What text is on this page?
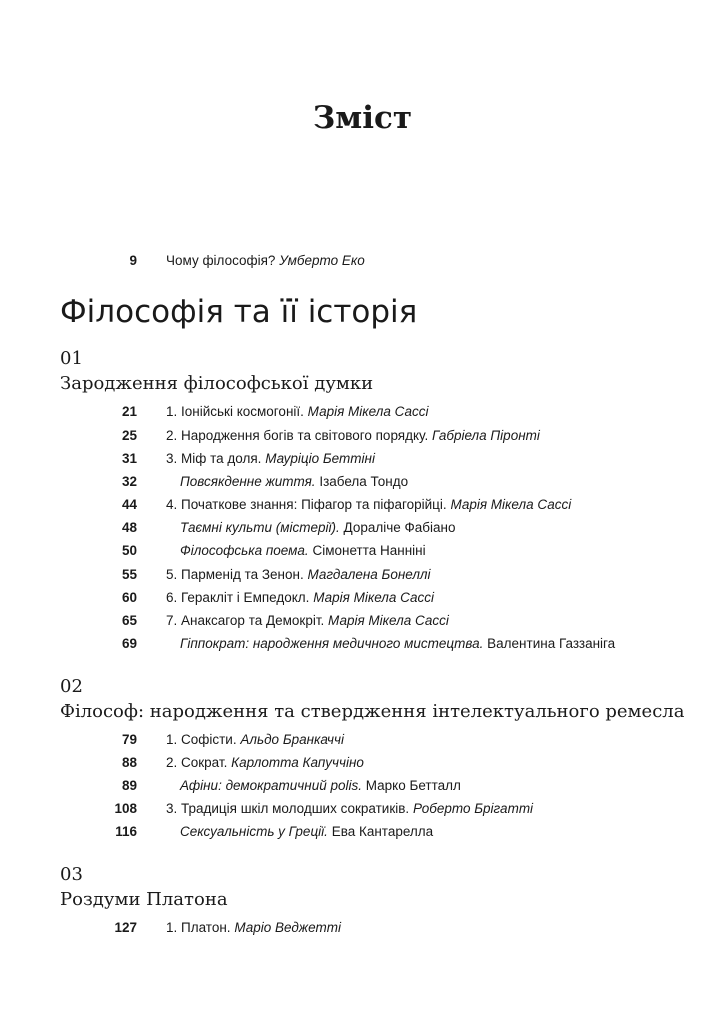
Зміст
9 Чому філософія? Умберто Еко
Філософія та її історія
01
Зародження філософської думки
21 1. Іонійські космогонії. Марія Мікела Сассі
25 2. Народження богів та світового порядку. Габріела Піронті
31 3. Міф та доля. Мауріціо Беттіні
32	Повсякденне життя. Ізабела Тондо
44 4. Початкове знання: Піфагор та піфагорійці. Марія Мікела Сассі
48	Таємні культи (містерії). Дораліче Фабіано
50	Філософська поема. Сімонетта Нанніні
55 5. Парменід та Зенон. Магдалена Бонеллі
60 6. Геракліт і Емпедокл. Марія Мікела Сассі
65 7. Анаксагор та Демокріт. Марія Мікела Сассі
69	Гіппократ: народження медичного мистецтва. Валентина Газзаніга
02
Філософ: народження та ствердження інтелектуального ремесла
79 1. Софісти. Альдо Бранкаччі
88 2. Сократ. Карлотта Капуччіно
89	Афіни: демократичний polis. Марко Бетталл
108 3. Традиція шкіл молодших сократиків. Роберто Брігатті
116	Сексуальність у Греції. Ева Кантарелла
03
Роздуми Платона
127 1. Платон. Маріо Веджетті
